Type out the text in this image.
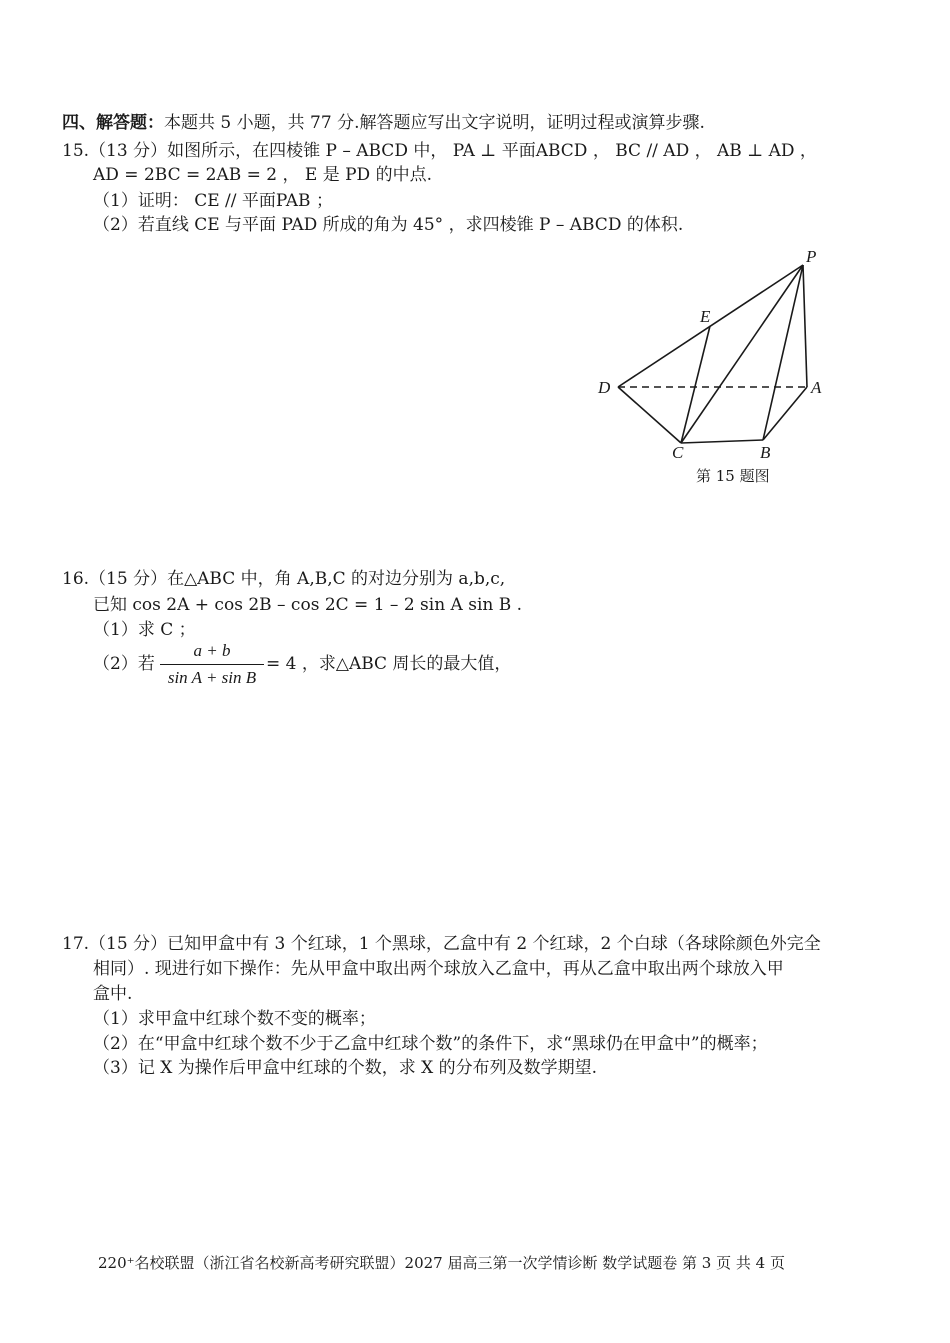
四、解答题：本题共 5 小题，共 77 分.解答题应写出文字说明，证明过程或演算步骤.
15.（13 分）如图所示，在四棱锥 P – ABCD 中， PA ⊥ 平面ABCD ， BC // AD ， AB ⊥ AD ，
AD = 2BC = 2AB = 2 ， E 是 PD 的中点.
（1）证明： CE // 平面PAB ；
（2）若直线 CE 与平面 PAD 所成的角为 45° ，求四棱锥 P – ABCD 的体积.
P
E
D	A
C	B
第 15 题图
16.（15 分）在△ABC 中，角 A,B,C 的对边分别为 a,b,c,
已知 cos 2A + cos 2B – cos 2C = 1 – 2 sin A sin B .
（1）求 C ；
（2）若
a + b
sin A + sin B
= 4 ，求△ABC 周长的最大值，
17.（15 分）已知甲盒中有 3 个红球，1 个黑球，乙盒中有 2 个红球，2 个白球（各球除颜色外完全
相同）. 现进行如下操作：先从甲盒中取出两个球放入乙盒中，再从乙盒中取出两个球放入甲
盒中.
（1）求甲盒中红球个数不变的概率；
（2）在“甲盒中红球个数不少于乙盒中红球个数”的条件下，求“黑球仍在甲盒中”的概率；
（3）记 X 为操作后甲盒中红球的个数，求 X 的分布列及数学期望.
220⁺名校联盟（浙江省名校新高考研究联盟）2027 届高三第一次学情诊断 数学试题卷 第 3 页 共 4 页
